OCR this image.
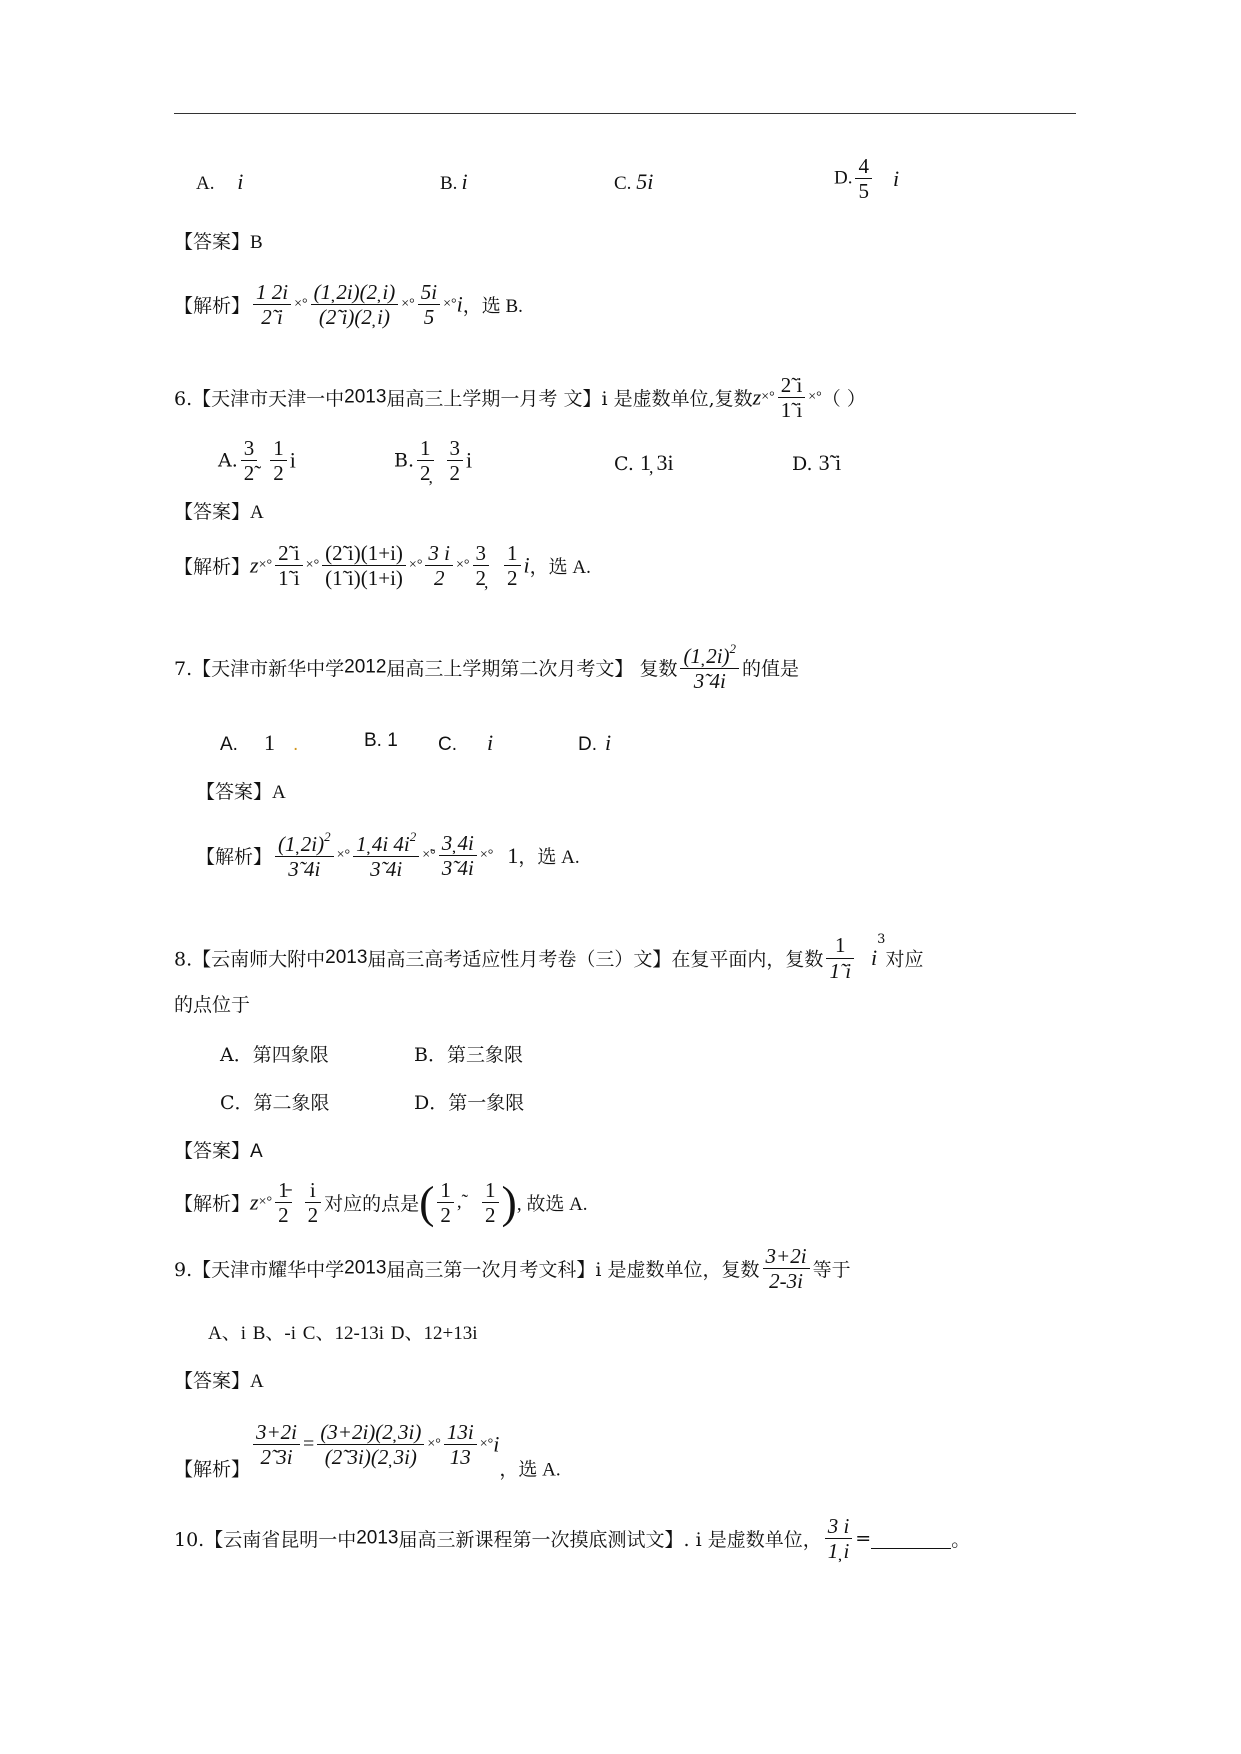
A. i	B. i	C. 5i	D. $\frac{4}{5}$ i
【答案】B
【解析】 $\frac{1 2i}{2̃ i}$ ×° $\frac{(1̦ 2i)(2̦ i)}{(2̃ i)(2̦ i)}$ ×° $\frac{5i}{5} \times^\circ i$，选 B.
6.【天津市天津一中2013届高三上学期一月考 文】i 是虚数单位,复数$z\times^\circ \frac{2̃ i}{1̃ i}$ ×°（ ）
A. $\frac{3}{2̃} \frac{1}{2}$ i	B. $\frac{1}{2̦} \frac{3}{2}$ i	C. 1̦ 3i	D. 3̃ i
【答案】A
【解析】$z\times^\circ \frac{2̃ i}{1̃ i}$ ×° $\frac{(2̃ i)(1+i)}{(1̃ i)(1+i)}$ ×° $\frac{3 i}{2}$ ×° $\frac{3}{2̦} \frac{1}{2}$ i，选 A.
7.【天津市新华中学2012届高三上学期第二次月考文】 复数 $\frac{(1̦ 2i)^2}{3̃ 4i}$ 的值是
A. 1 .	B. 1 C. i	D. i
【答案】A
【解析】 $\frac{(1̦ 2i)^2}{3̃ 4i}$ ×° $\frac{1̦ 4i 4i^2}{3̃ 4i}$ ×̃° $\frac{3̦ 4i}{3̃ 4i}$ ×° 1，选 A.
8.【云南师大附中2013届高三高考适应性月考卷（三）文】在复平面内，复数 $\frac{1}{1̃ i} i^3$对应
的点位于
A．第四象限	B．第三象限
C．第二象限	D．第一象限
【答案】A
【解析】$z\times^\circ \frac{1̵}{2} \frac{i}{2}$ 对应的点是( $\frac{1}{2}$ ,˜ $\frac{1}{2}$ ), 故选 A.
9.【天津市耀华中学2013届高三第一次月考文科】i 是虚数单位，复数 $\frac{3+2i}{2-3i}$ 等于
A、i B、-i C、12-13i D、12+13i
【答案】A
【解析】
$\frac{3+2i}{2̃ 3i} = \frac{(3+2i)(2̦ 3i)}{(2̃ 3i)(2̦ 3i)}$ ×° $\frac{13i}{13} \times^\circ i$，选 A.
10.【云南省昆明一中2013届高三新课程第一次摸底测试文】. i 是虚数单位， $\frac{3 i}{1̦ i}$ =	。
